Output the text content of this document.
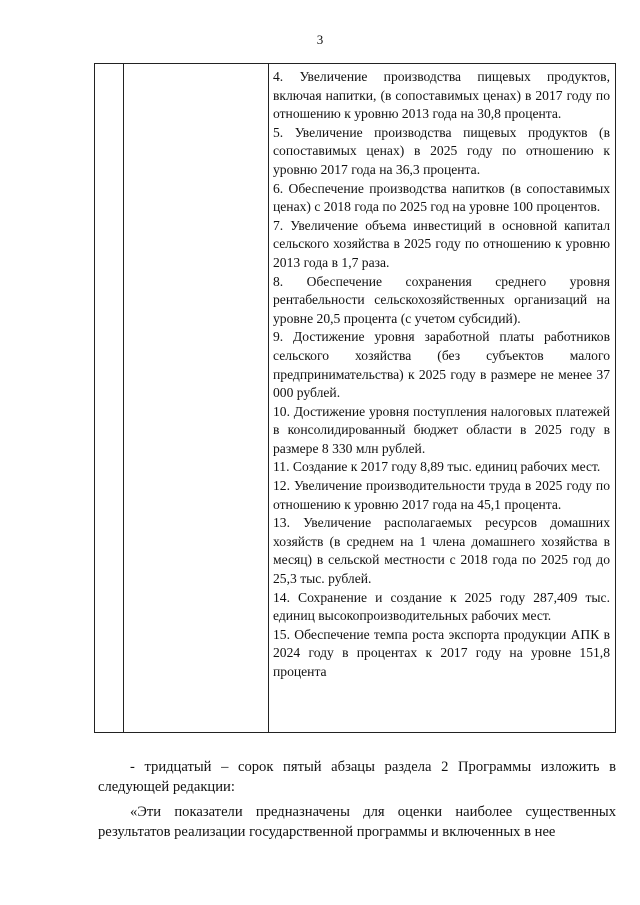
3

4. Увеличение производства пищевых продуктов, включая напитки, (в сопоставимых ценах) в 2017 году по отношению к уровню 2013 года на 30,8 процента.

5. Увеличение производства пищевых продуктов (в сопоставимых ценах) в 2025 году по отношению к уровню 2017 года на 36,3 процента.

6. Обеспечение производства напитков (в сопоставимых ценах) с 2018 года по 2025 год на уровне 100 процентов.

7. Увеличение объема инвестиций в основной капитал сельского хозяйства в 2025 году по отношению к уровню 2013 года в 1,7 раза.

8. Обеспечение сохранения среднего уровня рентабельности сельскохозяйственных организаций на уровне 20,5 процента (с учетом субсидий).

9. Достижение уровня заработной платы работников сельского хозяйства (без субъектов малого предпринимательства) к 2025 году в размере не менее 37 000 рублей.

10. Достижение уровня поступления налоговых платежей в консолидированный бюджет области в 2025 году в размере 8 330 млн рублей.

11. Создание к 2017 году 8,89 тыс. единиц рабочих мест.

12. Увеличение производительности труда в 2025 году по отношению к уровню 2017 года на 45,1 процента.

13. Увеличение располагаемых ресурсов домашних хозяйств (в среднем на 1 члена домашнего хозяйства в месяц) в сельской местности с 2018 года по 2025 год до 25,3 тыс. рублей.

14. Сохранение и создание к 2025 году 287,409 тыс. единиц высокопроизводительных рабочих мест.

15. Обеспечение темпа роста экспорта продукции АПК в 2024 году в процентах к 2017 году на уровне 151,8 процента

- тридцатый – сорок пятый абзацы раздела 2 Программы изложить в следующей редакции:

«Эти показатели предназначены для оценки наиболее существенных результатов реализации государственной программы и включенных в нее
